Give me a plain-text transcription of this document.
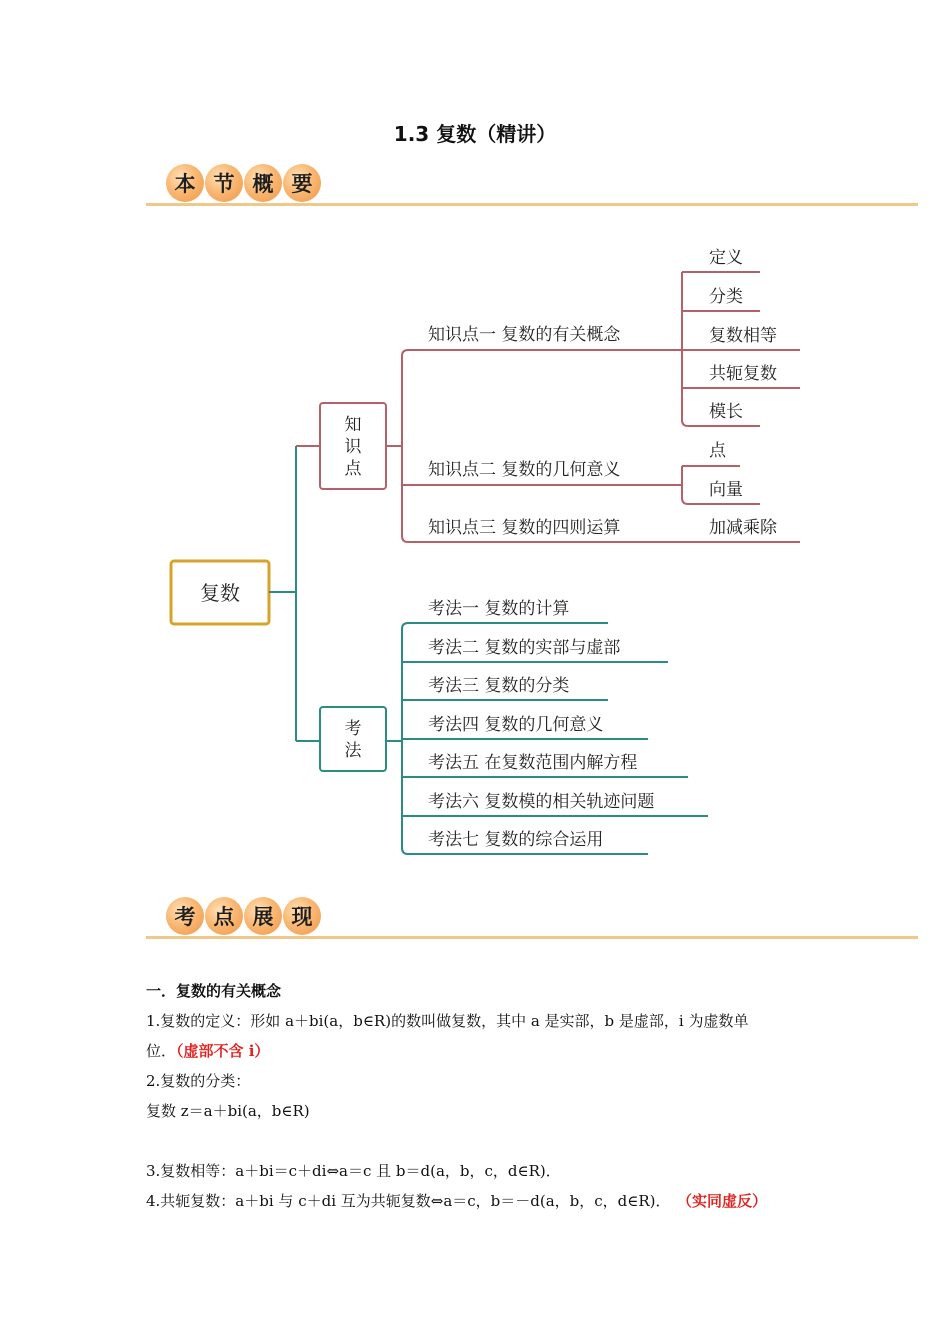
1.3 复数（精讲）
本 节 概 要
复数
知
识
点
考
法
知识点一 复数的有关概念
知识点二 复数的几何意义
知识点三 复数的四则运算
定义
分类
复数相等
共轭复数
模长
点
向量
加减乘除
考法一 复数的计算
考法二 复数的实部与虚部
考法三 复数的分类
考法四 复数的几何意义
考法五 在复数范围内解方程
考法六 复数模的相关轨迹问题
考法七 复数的综合运用
考 点 展 现
一．复数的有关概念
1.复数的定义：形如 a＋bi(a，b∈R)的数叫做复数，其中 a 是实部，b 是虚部，i 为虚数单
位．（虚部不含 i）
2.复数的分类：
复数 z＝a＋bi(a，b∈R)
3.复数相等：a＋bi＝c＋di⇔a＝c 且 b＝d(a，b，c，d∈R)．
4.共轭复数：a＋bi 与 c＋di 互为共轭复数⇔a＝c，b＝－d(a，b，c，d∈R)． （实同虚反）
